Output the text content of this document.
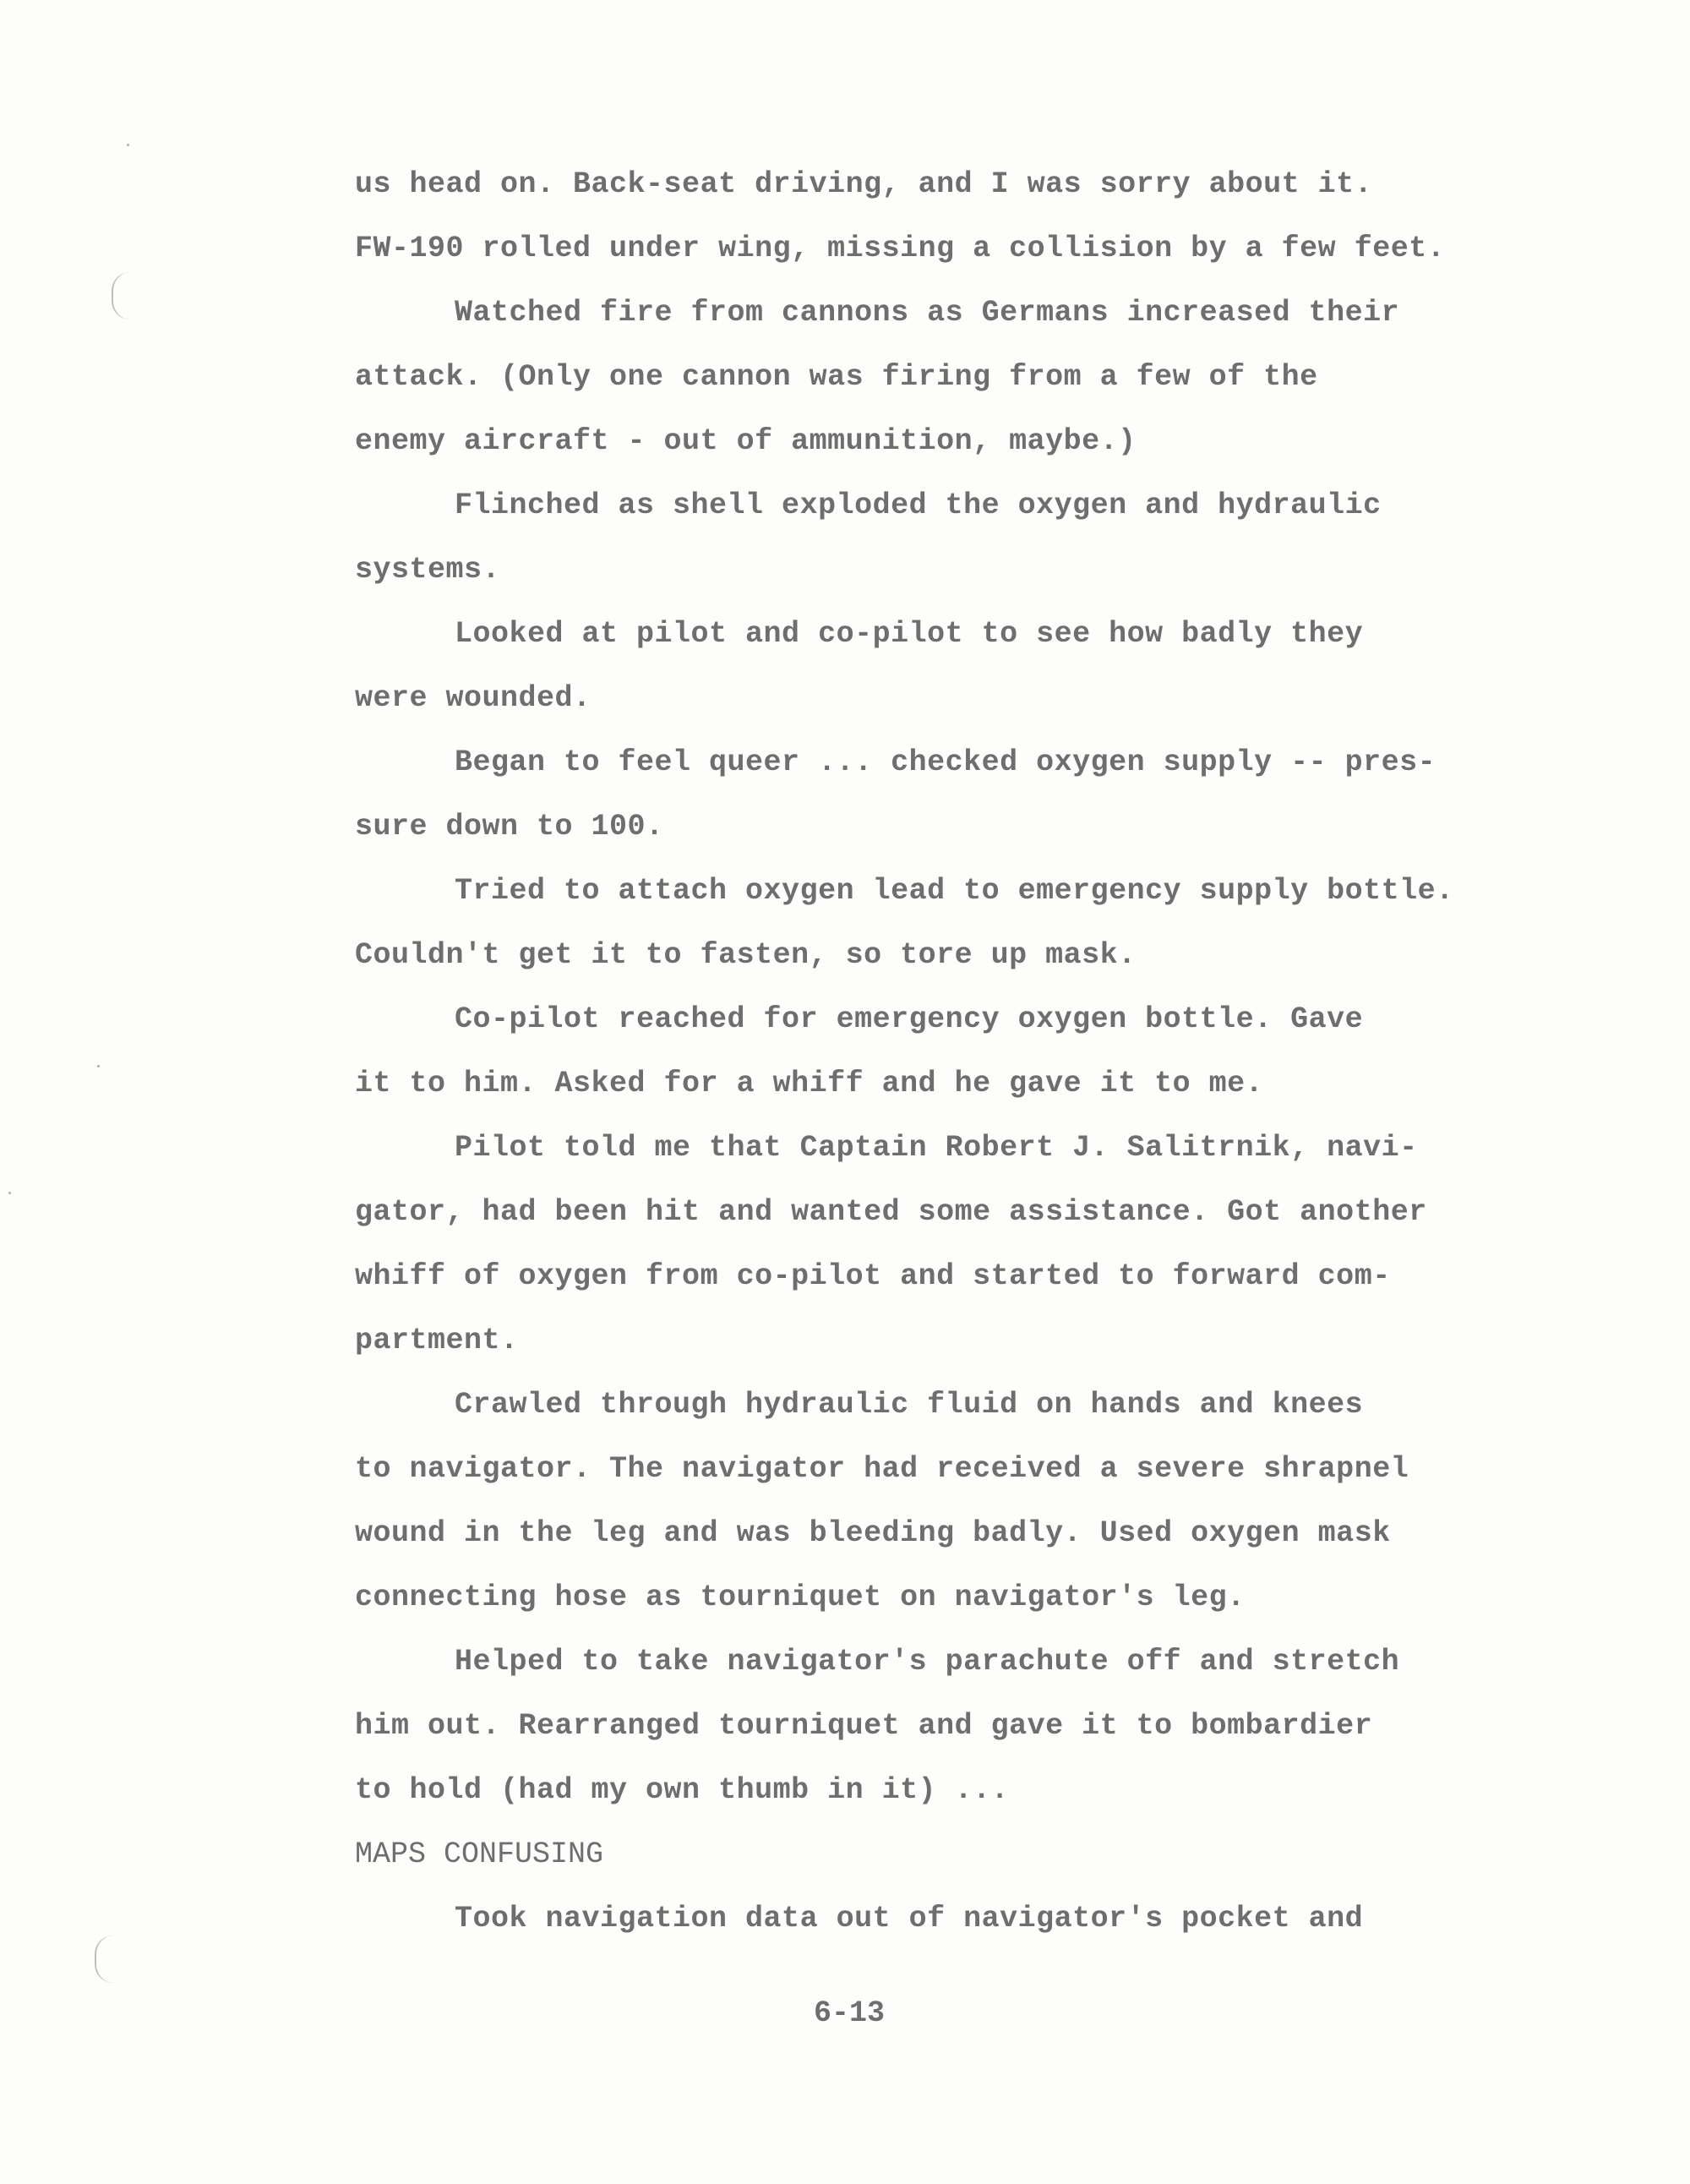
us head on. Back-seat driving, and I was sorry about it.
FW-190 rolled under wing, missing a collision by a few feet.
Watched fire from cannons as Germans increased their
attack. (Only one cannon was firing from a few of the
enemy aircraft - out of ammunition, maybe.)
Flinched as shell exploded the oxygen and hydraulic
systems.
Looked at pilot and co-pilot to see how badly they
were wounded.
Began to feel queer ... checked oxygen supply -- pres-
sure down to 100.
Tried to attach oxygen lead to emergency supply bottle.
Couldn't get it to fasten, so tore up mask.
Co-pilot reached for emergency oxygen bottle. Gave
it to him. Asked for a whiff and he gave it to me.
Pilot told me that Captain Robert J. Salitrnik, navi-
gator, had been hit and wanted some assistance. Got another
whiff of oxygen from co-pilot and started to forward com-
partment.
Crawled through hydraulic fluid on hands and knees
to navigator. The navigator had received a severe shrapnel
wound in the leg and was bleeding badly. Used oxygen mask
connecting hose as tourniquet on navigator's leg.
Helped to take navigator's parachute off and stretch
him out. Rearranged tourniquet and gave it to bombardier
to hold (had my own thumb in it) ...
MAPS CONFUSING
Took navigation data out of navigator's pocket and
6-13
